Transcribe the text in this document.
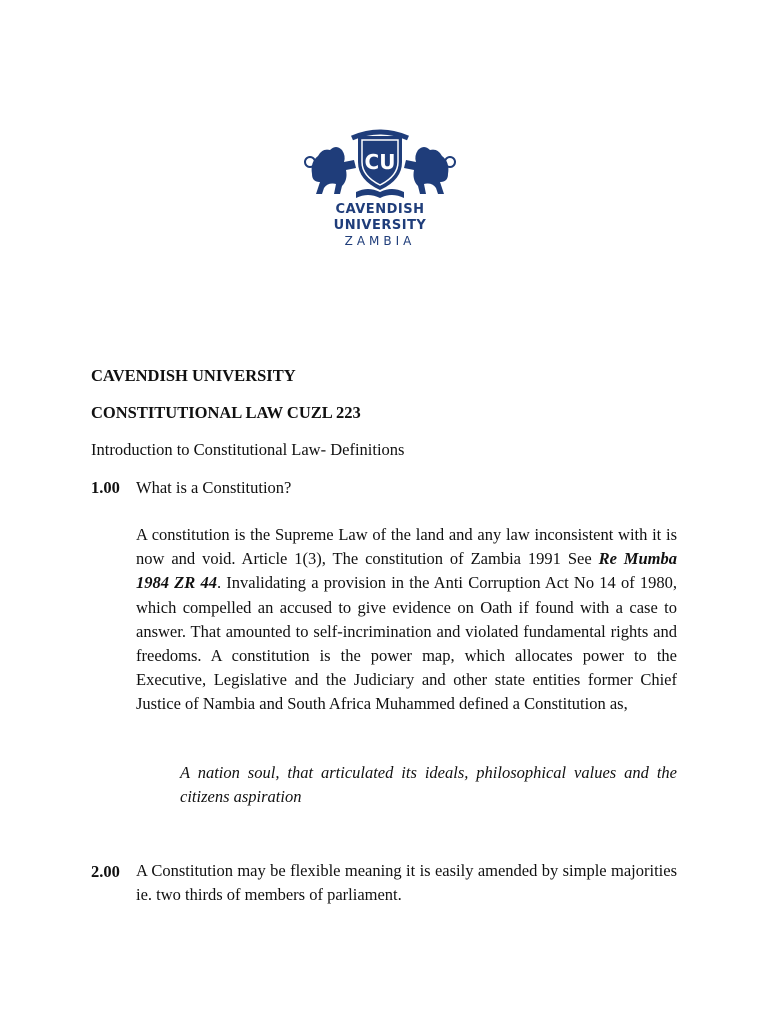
CU
CAVENDISH
UNIVERSITY
ZAMBIA
CAVENDISH UNIVERSITY
CONSTITUTIONAL LAW CUZL 223
Introduction to Constitutional Law- Definitions
1.00 What is a Constitution?
A constitution is the Supreme Law of the land and any law inconsistent with it is now and void. Article 1(3), The constitution of Zambia 1991 See Re Mumba 1984 ZR 44. Invalidating a provision in the Anti Corruption Act No 14 of 1980, which compelled an accused to give evidence on Oath if found with a case to answer. That amounted to self-incrimination and violated fundamental rights and freedoms. A constitution is the power map, which allocates power to the Executive, Legislative and the Judiciary and other state entities former Chief Justice of Nambia and South Africa Muhammed defined a Constitution as,
A nation soul, that articulated its ideals, philosophical values and the citizens aspiration
2.00 A Constitution may be flexible meaning it is easily amended by simple majorities ie. two thirds of members of parliament.
